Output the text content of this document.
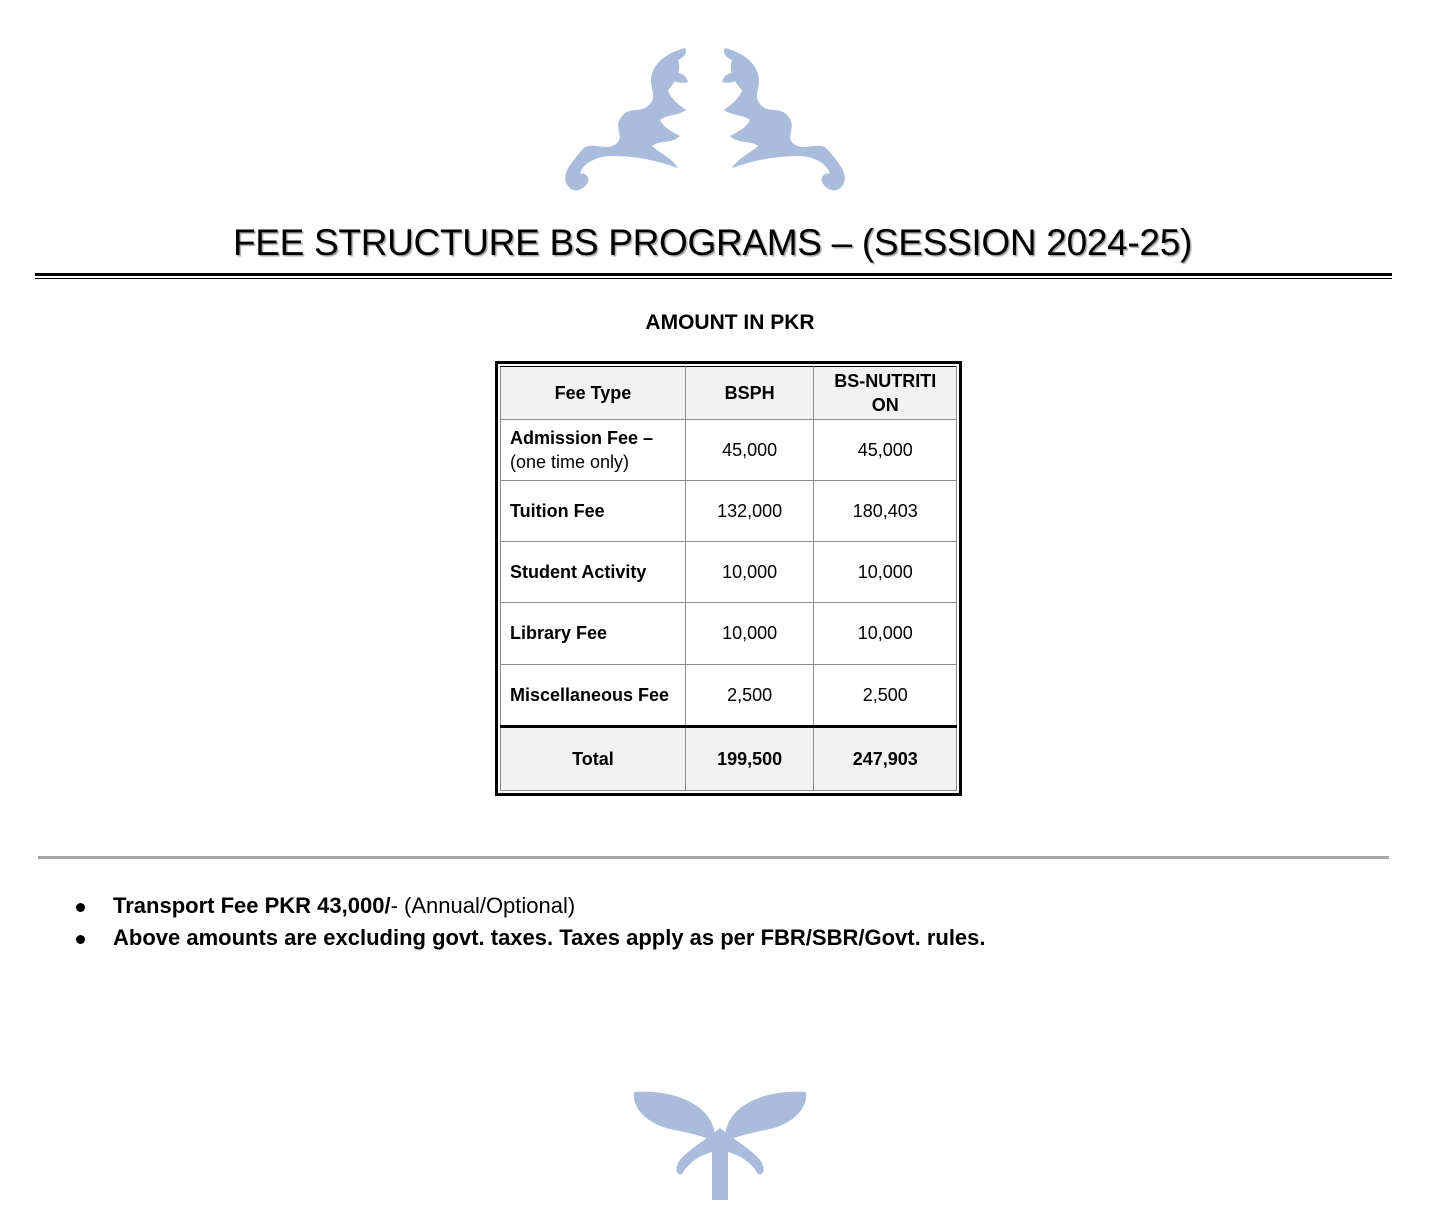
FEE STRUCTURE BS PROGRAMS – (SESSION 2024-25)
AMOUNT IN PKR
Fee Type	BSPH	BS-NUTRITION
Admission Fee –
(one time only)	45,000	45,000
Tuition Fee	132,000	180,403
Student Activity	10,000	10,000
Library Fee	10,000	10,000
Miscellaneous Fee	2,500	2,500
Total	199,500	247,903
Transport Fee PKR 43,000/- (Annual/Optional)
Above amounts are excluding govt. taxes. Taxes apply as per FBR/SBR/Govt. rules.
